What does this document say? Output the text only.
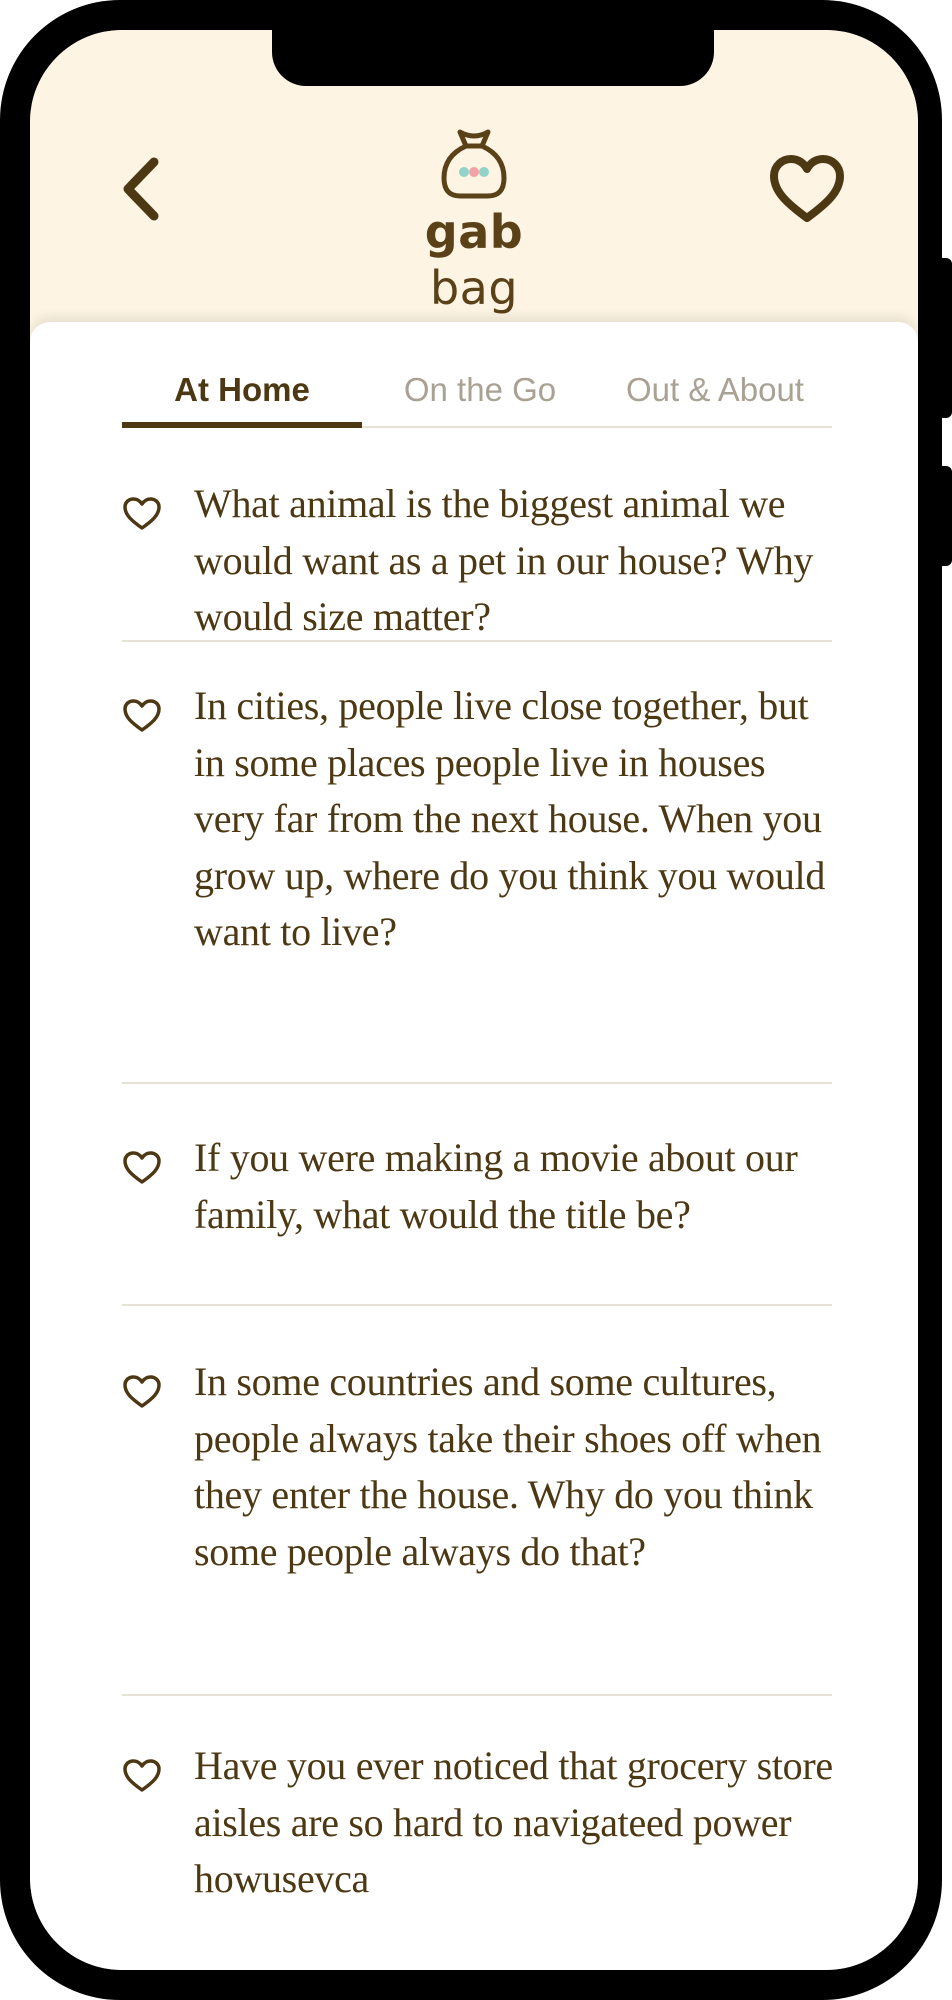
gab bag
At Home	On the Go	Out & About
What animal is the biggest animal we would want as a pet in our house? Why would size matter?
In cities, people live close together, but in some places people live in houses very far from the next house. When you grow up, where do you think you would want to live?
If you were making a movie about our family, what would the title be?
In some countries and some cultures, people always take their shoes off when they enter the house. Why do you think some people always do that?
Have you ever noticed that grocery store aisles are so hard to navigateed power howusevca
